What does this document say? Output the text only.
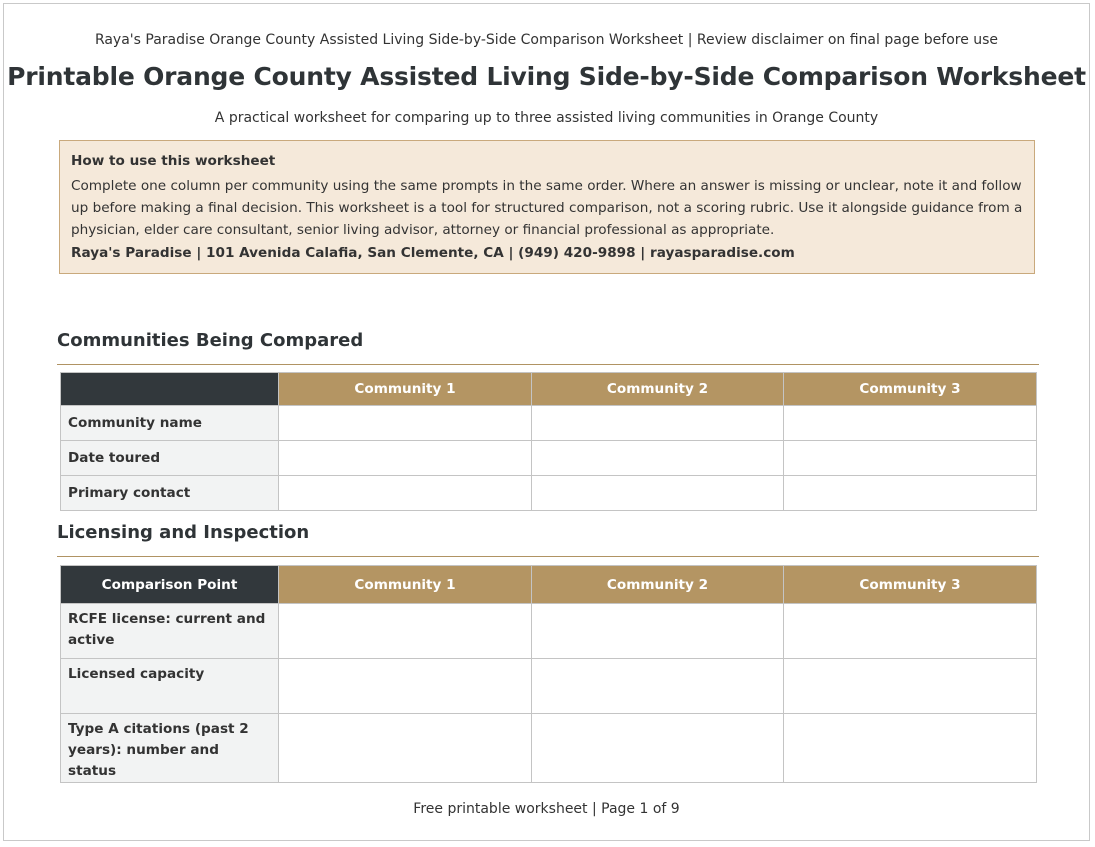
Raya's Paradise Orange County Assisted Living Side-by-Side Comparison Worksheet | Review disclaimer on final page before use
Printable Orange County Assisted Living Side-by-Side Comparison Worksheet
A practical worksheet for comparing up to three assisted living communities in Orange County
How to use this worksheet
Complete one column per community using the same prompts in the same order. Where an answer is missing or unclear, note it and follow up before making a final decision. This worksheet is a tool for structured comparison, not a scoring rubric. Use it alongside guidance from a physician, elder care consultant, senior living advisor, attorney or financial professional as appropriate.
Raya's Paradise | 101 Avenida Calafia, San Clemente, CA | (949) 420-9898 | rayasparadise.com
Communities Being Compared
	Community 1	Community 2	Community 3
Community name			
Date toured			
Primary contact			
Licensing and Inspection
Comparison Point	Community 1	Community 2	Community 3
RCFE license: current and active			
Licensed capacity			
Type A citations (past 2 years): number and status			
Free printable worksheet | Page 1 of 9
